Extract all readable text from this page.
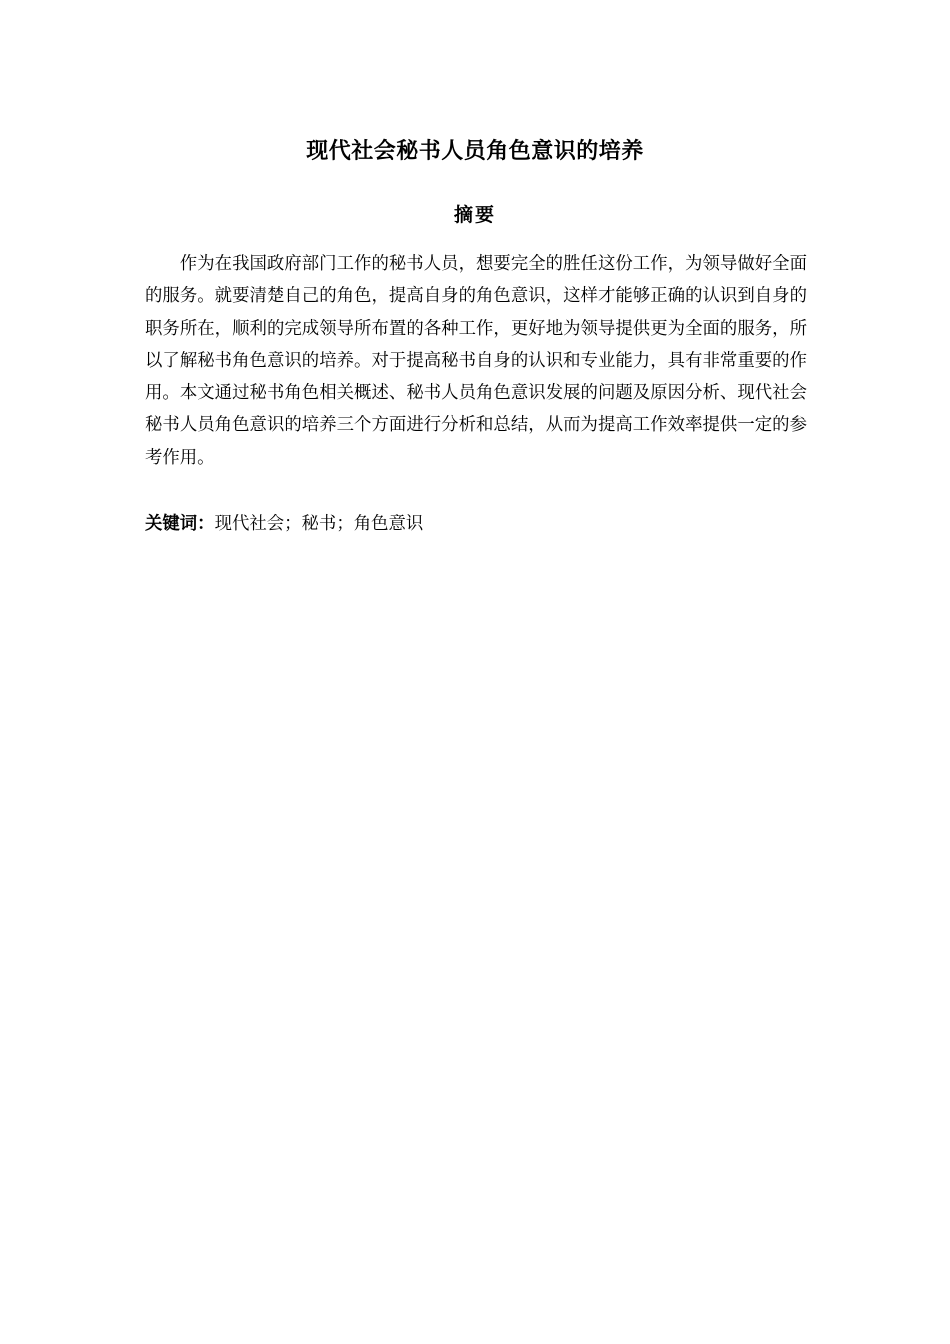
现代社会秘书人员角色意识的培养
摘要

作为在我国政府部门工作的秘书人员，想要完全的胜任这份工作，为领导做好全面的服务。就要清楚自己的角色，提高自身的角色意识，这样才能够正确的认识到自身的职务所在，顺利的完成领导所布置的各种工作，更好地为领导提供更为全面的服务，所以了解秘书角色意识的培养。对于提高秘书自身的认识和专业能力，具有非常重要的作用。本文通过秘书角色相关概述、秘书人员角色意识发展的问题及原因分析、现代社会秘书人员角色意识的培养三个方面进行分析和总结，从而为提高工作效率提供一定的参考作用。

关键词：现代社会；秘书；角色意识
